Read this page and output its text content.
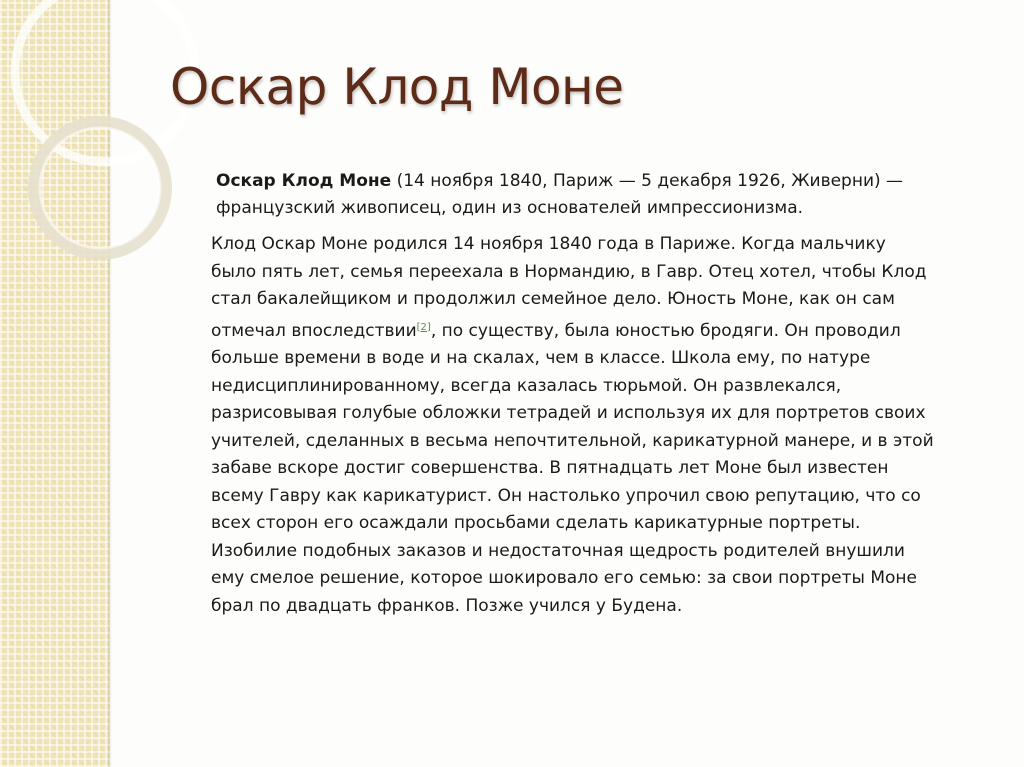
Оскар Клод Моне

Оскар Клод Моне (14 ноября 1840, Париж — 5 декабря 1926, Живерни) —
французский живописец, один из основателей импрессионизма.

Клод Оскар Моне родился 14 ноября 1840 года в Париже. Когда мальчику
было пять лет, семья переехала в Нормандию, в Гавр. Отец хотел, чтобы Клод
стал бакалейщиком и продолжил семейное дело. Юность Моне, как он сам
отмечал впоследствии[2], по существу, была юностью бродяги. Он проводил
больше времени в воде и на скалах, чем в классе. Школа ему, по натуре
недисциплинированному, всегда казалась тюрьмой. Он развлекался,
разрисовывая голубые обложки тетрадей и используя их для портретов своих
учителей, сделанных в весьма непочтительной, карикатурной манере, и в этой
забаве вскоре достиг совершенства. В пятнадцать лет Моне был известен
всему Гавру как карикатурист. Он настолько упрочил свою репутацию, что со
всех сторон его осаждали просьбами сделать карикатурные портреты.
Изобилие подобных заказов и недостаточная щедрость родителей внушили
ему смелое решение, которое шокировало его семью: за свои портреты Моне
брал по двадцать франков. Позже учился у Будена.
